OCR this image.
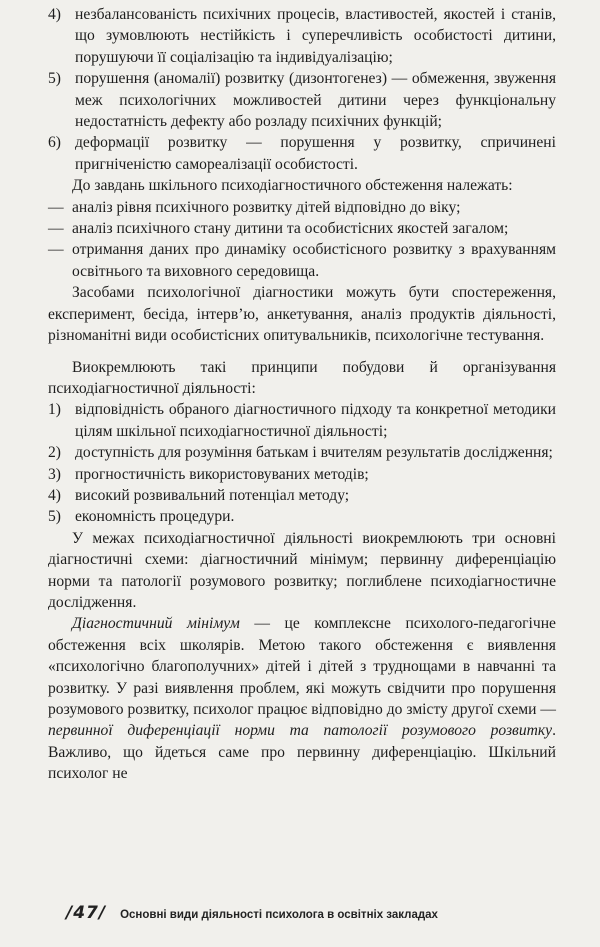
4) незбалансованість психічних процесів, властивостей, якостей і станів, що зумовлюють нестійкість і суперечливість особистості дитини, порушуючи її соціалізацію та індивідуалізацію;

5) порушення (аномалії) розвитку (дизонтогенез) — обмеження, звуження меж психологічних можливостей дитини через функціональну недостатність дефекту або розладу психічних функцій;

6) деформації розвитку — порушення у розвитку, спричинені пригніченістю самореалізації особистості.

До завдань шкільного психодіагностичного обстеження належать:

— аналіз рівня психічного розвитку дітей відповідно до віку;

— аналіз психічного стану дитини та особистісних якостей загалом;

— отримання даних про динаміку особистісного розвитку з врахуванням освітнього та виховного середовища.

Засобами психологічної діагностики можуть бути спостереження, експеримент, бесіда, інтерв’ю, анкетування, аналіз продуктів діяльності, різноманітні види особистісних опитувальників, психологічне тестування.

Виокремлюють такі принципи побудови й організування психодіагностичної діяльності:

1) відповідність обраного діагностичного підходу та конкретної методики цілям шкільної психодіагностичної діяльності;

2) доступність для розуміння батькам і вчителям результатів дослідження;

3) прогностичність використовуваних методів;

4) високий розвивальний потенціал методу;

5) економність процедури.

У межах психодіагностичної діяльності виокремлюють три основні діагностичні схеми: діагностичний мінімум; первинну диференціацію норми та патології розумового розвитку; поглиблене психодіагностичне дослідження.

Діагностичний мінімум — це комплексне психолого-педагогічне обстеження всіх школярів. Метою такого обстеження є виявлення «психологічно благополучних» дітей і дітей з труднощами в навчанні та розвитку. У разі виявлення проблем, які можуть свідчити про порушення розумового розвитку, психолог працює відповідно до змісту другої схеми — первинної диференціації норми та патології розумового розвитку. Важливо, що йдеться саме про первинну диференціацію. Шкільний психолог не

/47/ Основні види діяльності психолога в освітніх закладах
